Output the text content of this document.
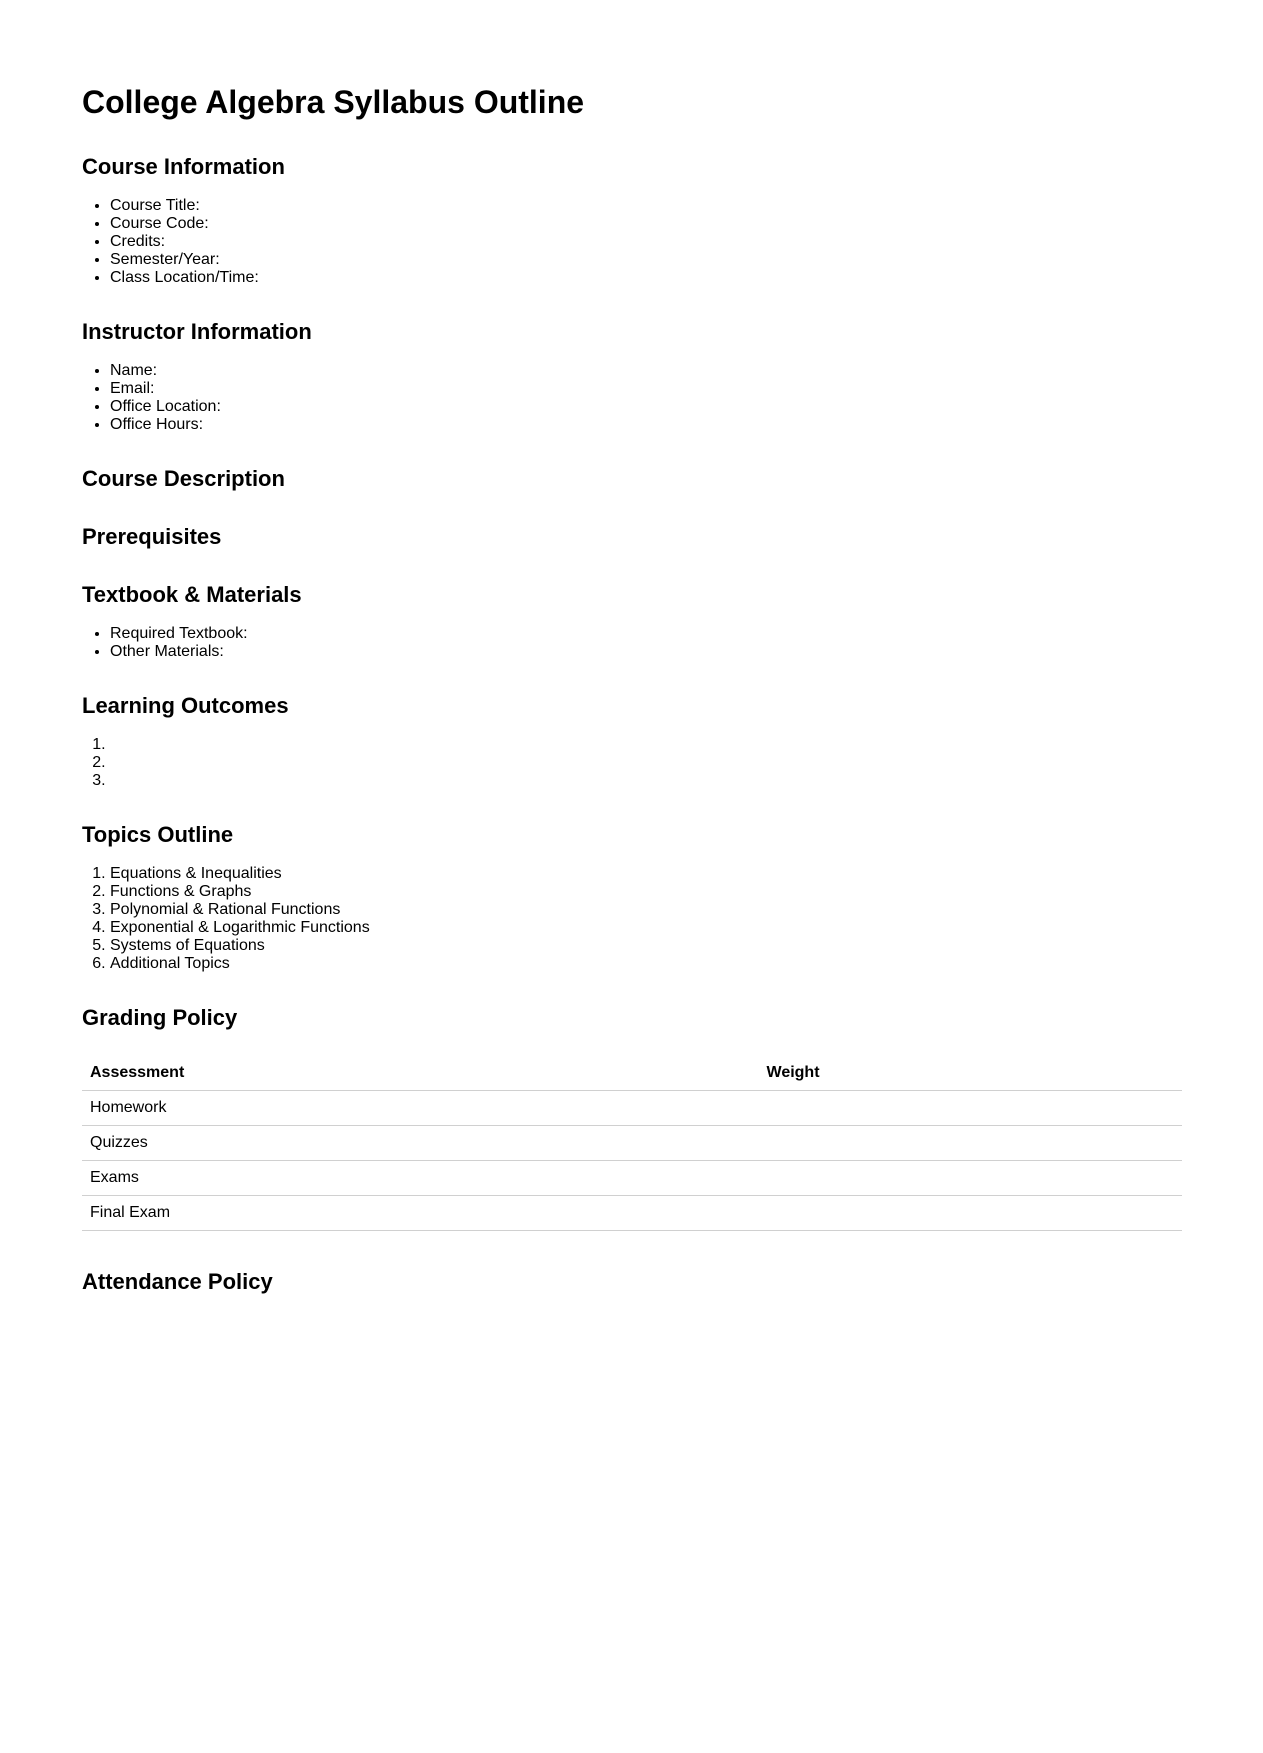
College Algebra Syllabus Outline
Course Information
• Course Title:
• Course Code:
• Credits:
• Semester/Year:
• Class Location/Time:
Instructor Information
• Name:
• Email:
• Office Location:
• Office Hours:
Course Description
Prerequisites
Textbook & Materials
• Required Textbook:
• Other Materials:
Learning Outcomes
1.
2.
3.
Topics Outline
1. Equations & Inequalities
2. Functions & Graphs
3. Polynomial & Rational Functions
4. Exponential & Logarithmic Functions
5. Systems of Equations
6. Additional Topics
Grading Policy
Assessment	Weight
Homework	
Quizzes	
Exams	
Final Exam	
Attendance Policy
